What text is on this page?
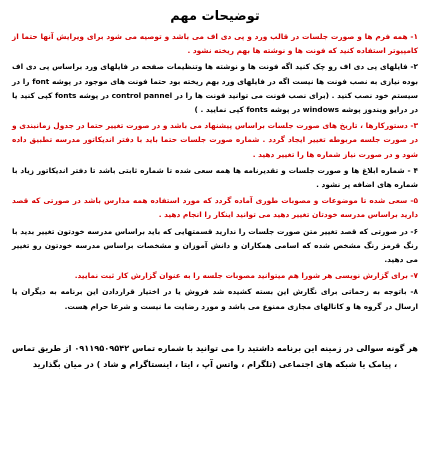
توضیحات مهم

۱- همه فرم ها و صورت جلسات در قالب ورد و پی دی اف می باشد و توصیه می شود برای ویرایش آنها حتما از کامپیوتر استفاده کنید که فونت ها و نوشته ها بهم ریخته نشود .

۲- فایلهای پی دی اف رو چک کنید اگه فونت ها و نوشته ها وتنظیمات صفحه در فایلهای ورد براساس پی دی اف بوده نیازی به نصب فونت ها نیست اگه در فایلهای ورد بهم ریخته بود حتما فونت های موجود در پوشه font را در سیستم خود نصب کنید . (برای نصب فونت می توانید فونت ها را در control pannel در پوشه fonts کپی کنید یا در درایو ویندوز پوشه windows در پوشه fonts کپی نمایید . )

۳- دستورکارها ، تاریخ های صورت جلسات براساس پیشنهاد می باشد و در صورت تغییر حتما در جدول زمانبندی و در صورت جلسه مربوطه تغییر ایجاد گردد . شماره صورت جلسات حتما باید با دفتر اندیکاتور مدرسه تطبیق داده شود و در صورت نیاز شماره ها را تغییر دهید .

۴ - شماره ابلاغ ها و صورت جلسات و تقدیرنامه ها همه سعی شده تا شماره ثابتی باشد تا دفتر اندیکاتور زیاد با شماره های اضافه پر نشود .

۵- سعی شده تا موضوعات و مصوبات طوری آماده گردد که مورد استفاده همه مدارس باشد در صورتی که قصد دارید براساس مدرسه خودتان تغییر دهید می توانید اینکار را انجام دهید .

۶- در صورتی که قصد تغییر متن صورت جلسات را ندارید قسمتهایی که باید براساس مدرسه خودتون تغییر بدید با رنگ قرمز رنگ مشخص شده که اسامی همکاران و دانش آموزان و مشخصات براساس مدرسه خودتون رو تغییر می دهید.

۷- برای گزارش نویسی هر شورا هم میتوانید مصوبات جلسه را به عنوان گزارش کار ثبت نمایید.

۸- باتوجه به زحماتی برای نگارش این بسته کشیده شد فروش یا در اختیار قراردادن این برنامه به دیگران یا ارسال در گروه ها و کانالهای مجازی ممنوع می باشد و مورد رضایت ما نیست و شرعا حرام هست.

هر گونه سوالی در زمینه این برنامه داشتید را می توانید با شماره تماس ۰۹۱۱۹۵۰۹۵۴۲ از طریق تماس
، پیامک یا شبکه های اجتماعی (تلگرام ، واتس آپ ، ایتا ، اینستاگرام و شاد ) در میان بگذارید
